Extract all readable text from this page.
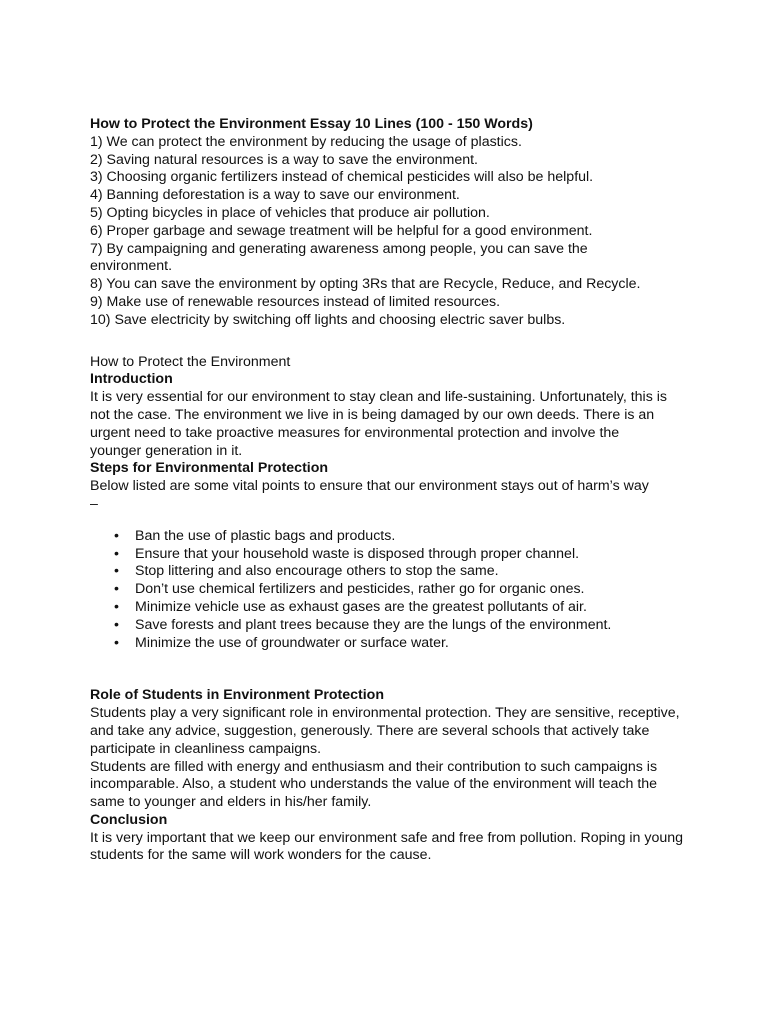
How to Protect the Environment Essay 10 Lines (100 - 150 Words)
1) We can protect the environment by reducing the usage of plastics.
2) Saving natural resources is a way to save the environment.
3) Choosing organic fertilizers instead of chemical pesticides will also be helpful.
4) Banning deforestation is a way to save our environment.
5) Opting bicycles in place of vehicles that produce air pollution.
6) Proper garbage and sewage treatment will be helpful for a good environment.
7) By campaigning and generating awareness among people, you can save the environment.
8) You can save the environment by opting 3Rs that are Recycle, Reduce, and Recycle.
9) Make use of renewable resources instead of limited resources.
10) Save electricity by switching off lights and choosing electric saver bulbs.
How to Protect the Environment
Introduction

It is very essential for our environment to stay clean and life-sustaining. Unfortunately, this is not the case. The environment we live in is being damaged by our own deeds. There is an urgent need to take proactive measures for environmental protection and involve the younger generation in it.

Steps for Environmental Protection

Below listed are some vital points to ensure that our environment stays out of harm’s way –

• Ban the use of plastic bags and products.
• Ensure that your household waste is disposed through proper channel.
• Stop littering and also encourage others to stop the same.
• Don’t use chemical fertilizers and pesticides, rather go for organic ones.
• Minimize vehicle use as exhaust gases are the greatest pollutants of air.
• Save forests and plant trees because they are the lungs of the environment.
• Minimize the use of groundwater or surface water.
Role of Students in Environment Protection

Students play a very significant role in environmental protection. They are sensitive, receptive, and take any advice, suggestion, generously. There are several schools that actively take participate in cleanliness campaigns.

Students are filled with energy and enthusiasm and their contribution to such campaigns is incomparable. Also, a student who understands the value of the environment will teach the same to younger and elders in his/her family.

Conclusion

It is very important that we keep our environment safe and free from pollution. Roping in young students for the same will work wonders for the cause.
